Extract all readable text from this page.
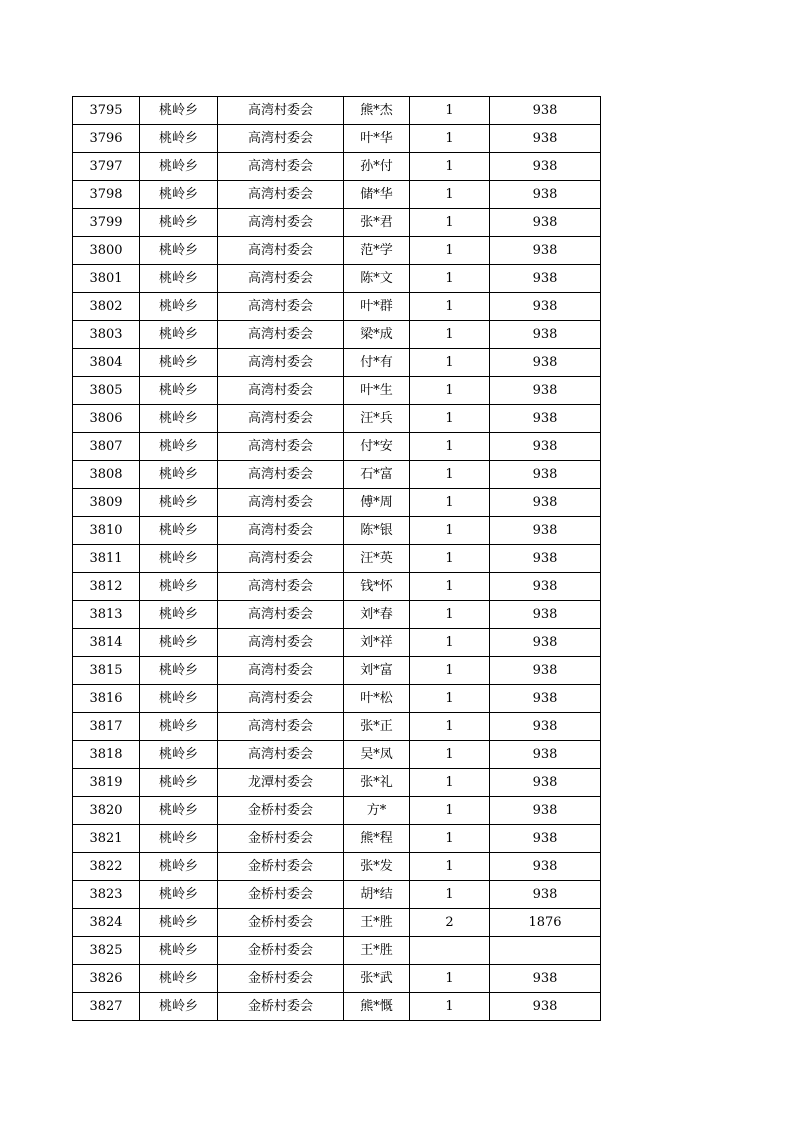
3795	桃岭乡	高湾村委会	熊*杰	1	938
3796	桃岭乡	高湾村委会	叶*华	1	938
3797	桃岭乡	高湾村委会	孙*付	1	938
3798	桃岭乡	高湾村委会	储*华	1	938
3799	桃岭乡	高湾村委会	张*君	1	938
3800	桃岭乡	高湾村委会	范*学	1	938
3801	桃岭乡	高湾村委会	陈*文	1	938
3802	桃岭乡	高湾村委会	叶*群	1	938
3803	桃岭乡	高湾村委会	梁*成	1	938
3804	桃岭乡	高湾村委会	付*有	1	938
3805	桃岭乡	高湾村委会	叶*生	1	938
3806	桃岭乡	高湾村委会	汪*兵	1	938
3807	桃岭乡	高湾村委会	付*安	1	938
3808	桃岭乡	高湾村委会	石*富	1	938
3809	桃岭乡	高湾村委会	傅*周	1	938
3810	桃岭乡	高湾村委会	陈*银	1	938
3811	桃岭乡	高湾村委会	汪*英	1	938
3812	桃岭乡	高湾村委会	钱*怀	1	938
3813	桃岭乡	高湾村委会	刘*春	1	938
3814	桃岭乡	高湾村委会	刘*祥	1	938
3815	桃岭乡	高湾村委会	刘*富	1	938
3816	桃岭乡	高湾村委会	叶*松	1	938
3817	桃岭乡	高湾村委会	张*正	1	938
3818	桃岭乡	高湾村委会	吴*凤	1	938
3819	桃岭乡	龙潭村委会	张*礼	1	938
3820	桃岭乡	金桥村委会	方*	1	938
3821	桃岭乡	金桥村委会	熊*程	1	938
3822	桃岭乡	金桥村委会	张*发	1	938
3823	桃岭乡	金桥村委会	胡*结	1	938
3824	桃岭乡	金桥村委会	王*胜	2	1876
3825	桃岭乡	金桥村委会	王*胜		
3826	桃岭乡	金桥村委会	张*武	1	938
3827	桃岭乡	金桥村委会	熊*慨	1	938
